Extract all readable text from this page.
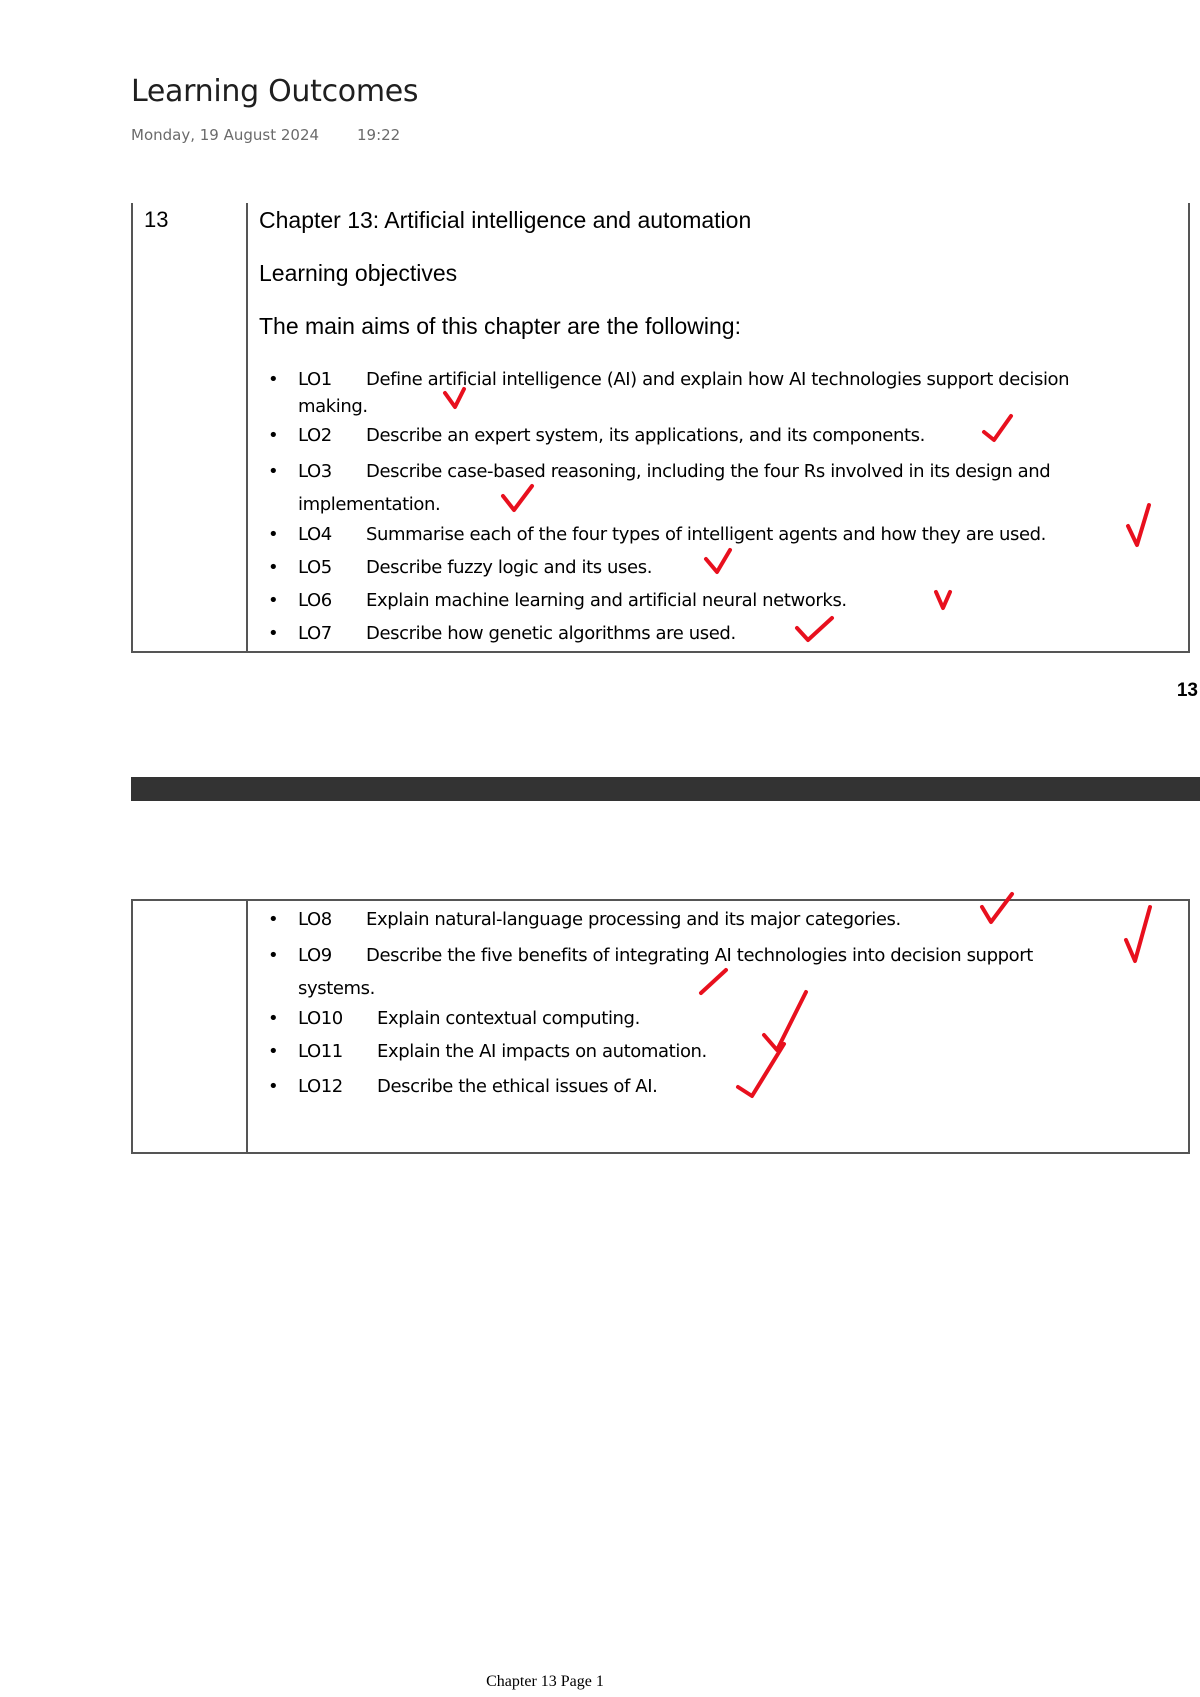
Learning Outcomes
Monday, 19 August 2024	19:22
13	Chapter 13: Artificial intelligence and automation
Learning objectives
The main aims of this chapter are the following:
• LO1 Define artificial intelligence (AI) and explain how AI technologies support decision
making.
• LO2 Describe an expert system, its applications, and its components.
• LO3 Describe case-based reasoning, including the four Rs involved in its design and
implementation.
• LO4 Summarise each of the four types of intelligent agents and how they are used.
• LO5 Describe fuzzy logic and its uses.
• LO6 Explain machine learning and artificial neural networks.
• LO7 Describe how genetic algorithms are used.
13
• LO8 Explain natural-language processing and its major categories.
• LO9 Describe the five benefits of integrating AI technologies into decision support
systems.
• LO10 Explain contextual computing.
• LO11 Explain the AI impacts on automation.
• LO12 Describe the ethical issues of AI.
Chapter 13 Page 1
